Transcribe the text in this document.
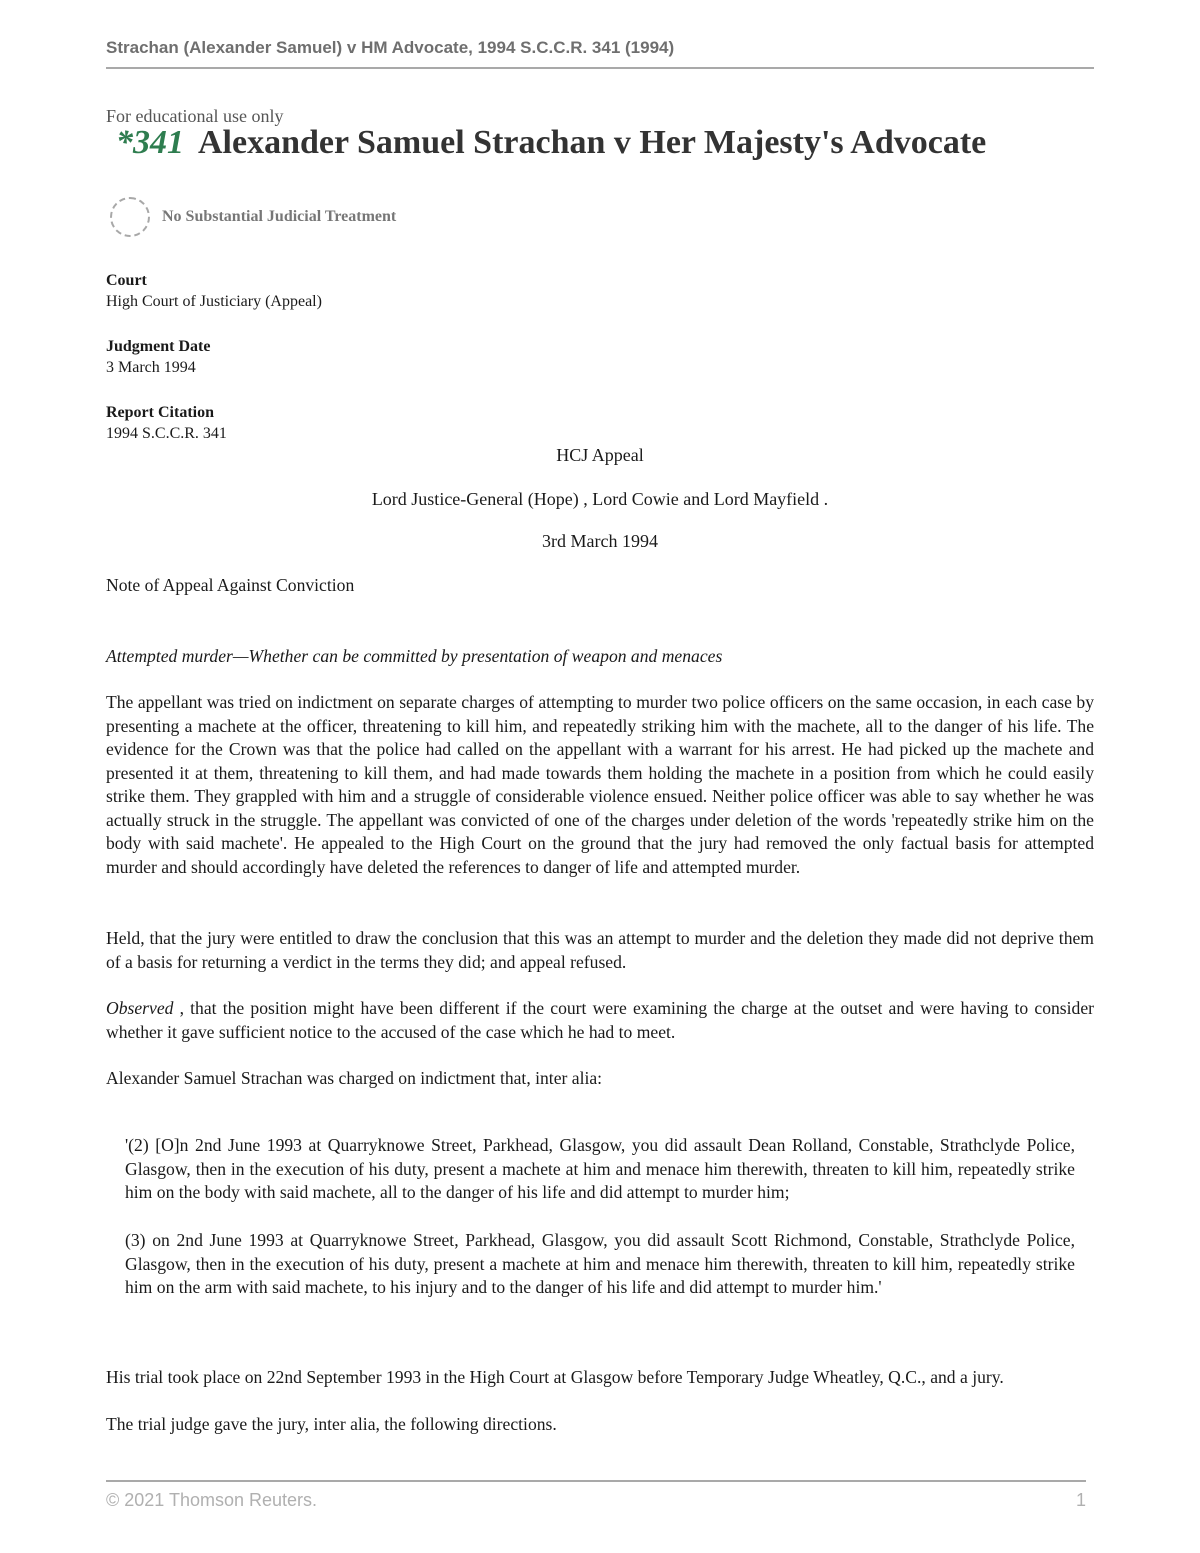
Strachan (Alexander Samuel) v HM Advocate, 1994 S.C.C.R. 341 (1994)
For educational use only
*341 Alexander Samuel Strachan v Her Majesty's Advocate
No Substantial Judicial Treatment
Court
High Court of Justiciary (Appeal)
Judgment Date
3 March 1994
Report Citation
1994 S.C.C.R. 341
HCJ Appeal
Lord Justice-General (Hope) , Lord Cowie and Lord Mayfield .
3rd March 1994

Note of Appeal Against Conviction

Attempted murder—Whether can be committed by presentation of weapon and menaces

The appellant was tried on indictment on separate charges of attempting to murder two police officers on the same occasion, in each case by presenting a machete at the officer, threatening to kill him, and repeatedly striking him with the machete, all to the danger of his life. The evidence for the Crown was that the police had called on the appellant with a warrant for his arrest. He had picked up the machete and presented it at them, threatening to kill them, and had made towards them holding the machete in a position from which he could easily strike them. They grappled with him and a struggle of considerable violence ensued. Neither police officer was able to say whether he was actually struck in the struggle. The appellant was convicted of one of the charges under deletion of the words 'repeatedly strike him on the body with said machete'. He appealed to the High Court on the ground that the jury had removed the only factual basis for attempted murder and should accordingly have deleted the references to danger of life and attempted murder.

Held, that the jury were entitled to draw the conclusion that this was an attempt to murder and the deletion they made did not deprive them of a basis for returning a verdict in the terms they did; and appeal refused.

Observed , that the position might have been different if the court were examining the charge at the outset and were having to consider whether it gave sufficient notice to the accused of the case which he had to meet.

Alexander Samuel Strachan was charged on indictment that, inter alia:

'(2) [O]n 2nd June 1993 at Quarryknowe Street, Parkhead, Glasgow, you did assault Dean Rolland, Constable, Strathclyde Police, Glasgow, then in the execution of his duty, present a machete at him and menace him therewith, threaten to kill him, repeatedly strike him on the body with said machete, all to the danger of his life and did attempt to murder him;

(3) on 2nd June 1993 at Quarryknowe Street, Parkhead, Glasgow, you did assault Scott Richmond, Constable, Strathclyde Police, Glasgow, then in the execution of his duty, present a machete at him and menace him therewith, threaten to kill him, repeatedly strike him on the arm with said machete, to his injury and to the danger of his life and did attempt to murder him.'

His trial took place on 22nd September 1993 in the High Court at Glasgow before Temporary Judge Wheatley, Q.C., and a jury.

The trial judge gave the jury, inter alia, the following directions.

© 2021 Thomson Reuters.	1
